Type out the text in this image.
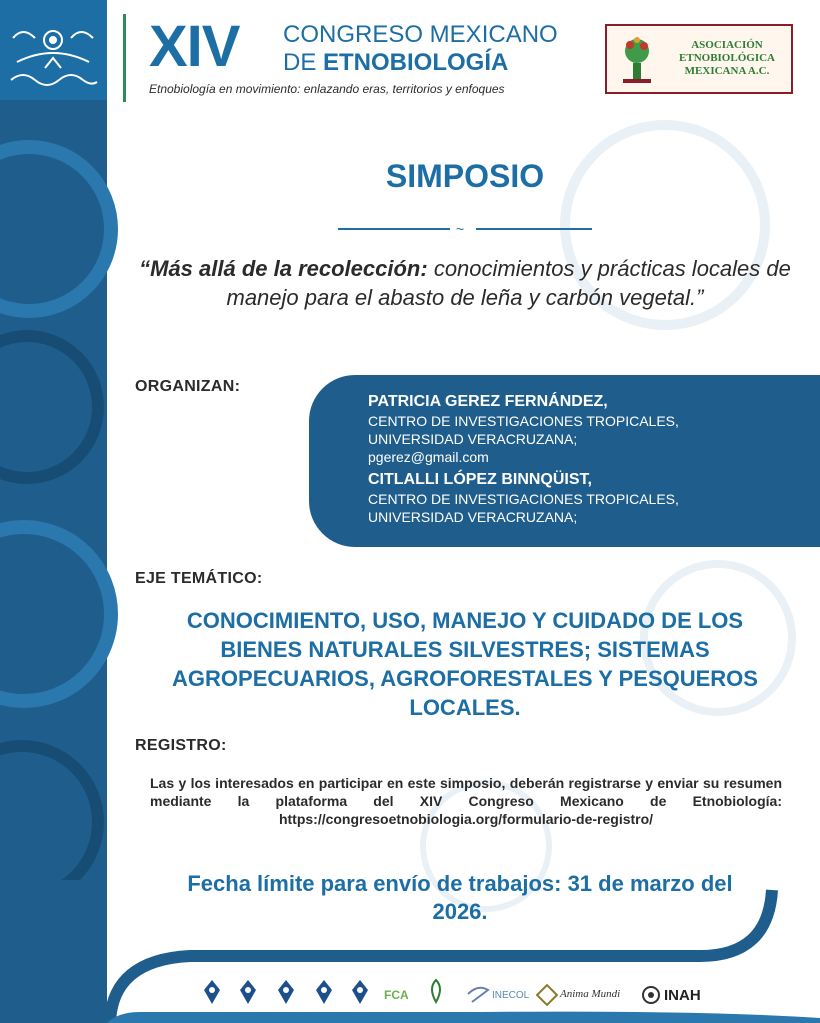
XIV CONGRESO MEXICANO
DE ETNOBIOLOGÍA
Etnobiología en movimiento: enlazando eras, territorios y enfoques
ASOCIACIÓN
ETNOBIOLÓGICA
MEXICANA A.C.
SIMPOSIO
~
“Más allá de la recolección: conocimientos y prácticas locales de manejo para el abasto de leña y carbón vegetal.”
ORGANIZAN:
PATRICIA GEREZ FERNÁNDEZ,
CENTRO DE INVESTIGACIONES TROPICALES,
UNIVERSIDAD VERACRUZANA;
pgerez@gmail.com
CITLALLI LÓPEZ BINNQÜIST,
CENTRO DE INVESTIGACIONES TROPICALES,
UNIVERSIDAD VERACRUZANA;
EJE TEMÁTICO:
CONOCIMIENTO, USO, MANEJO Y CUIDADO DE LOS BIENES NATURALES SILVESTRES; SISTEMAS AGROPECUARIOS, AGROFORESTALES Y PESQUEROS LOCALES.
REGISTRO:
Las y los interesados en participar en este simposio, deberán registrarse y enviar su resumen mediante la plataforma del XIV Congreso Mexicano de Etnobiología: https://congresoetnobiologia.org/formulario-de-registro/
Fecha límite para envío de trabajos: 31 de marzo del 2026.
FCA	INECOL	Anima Mundi	INAH
